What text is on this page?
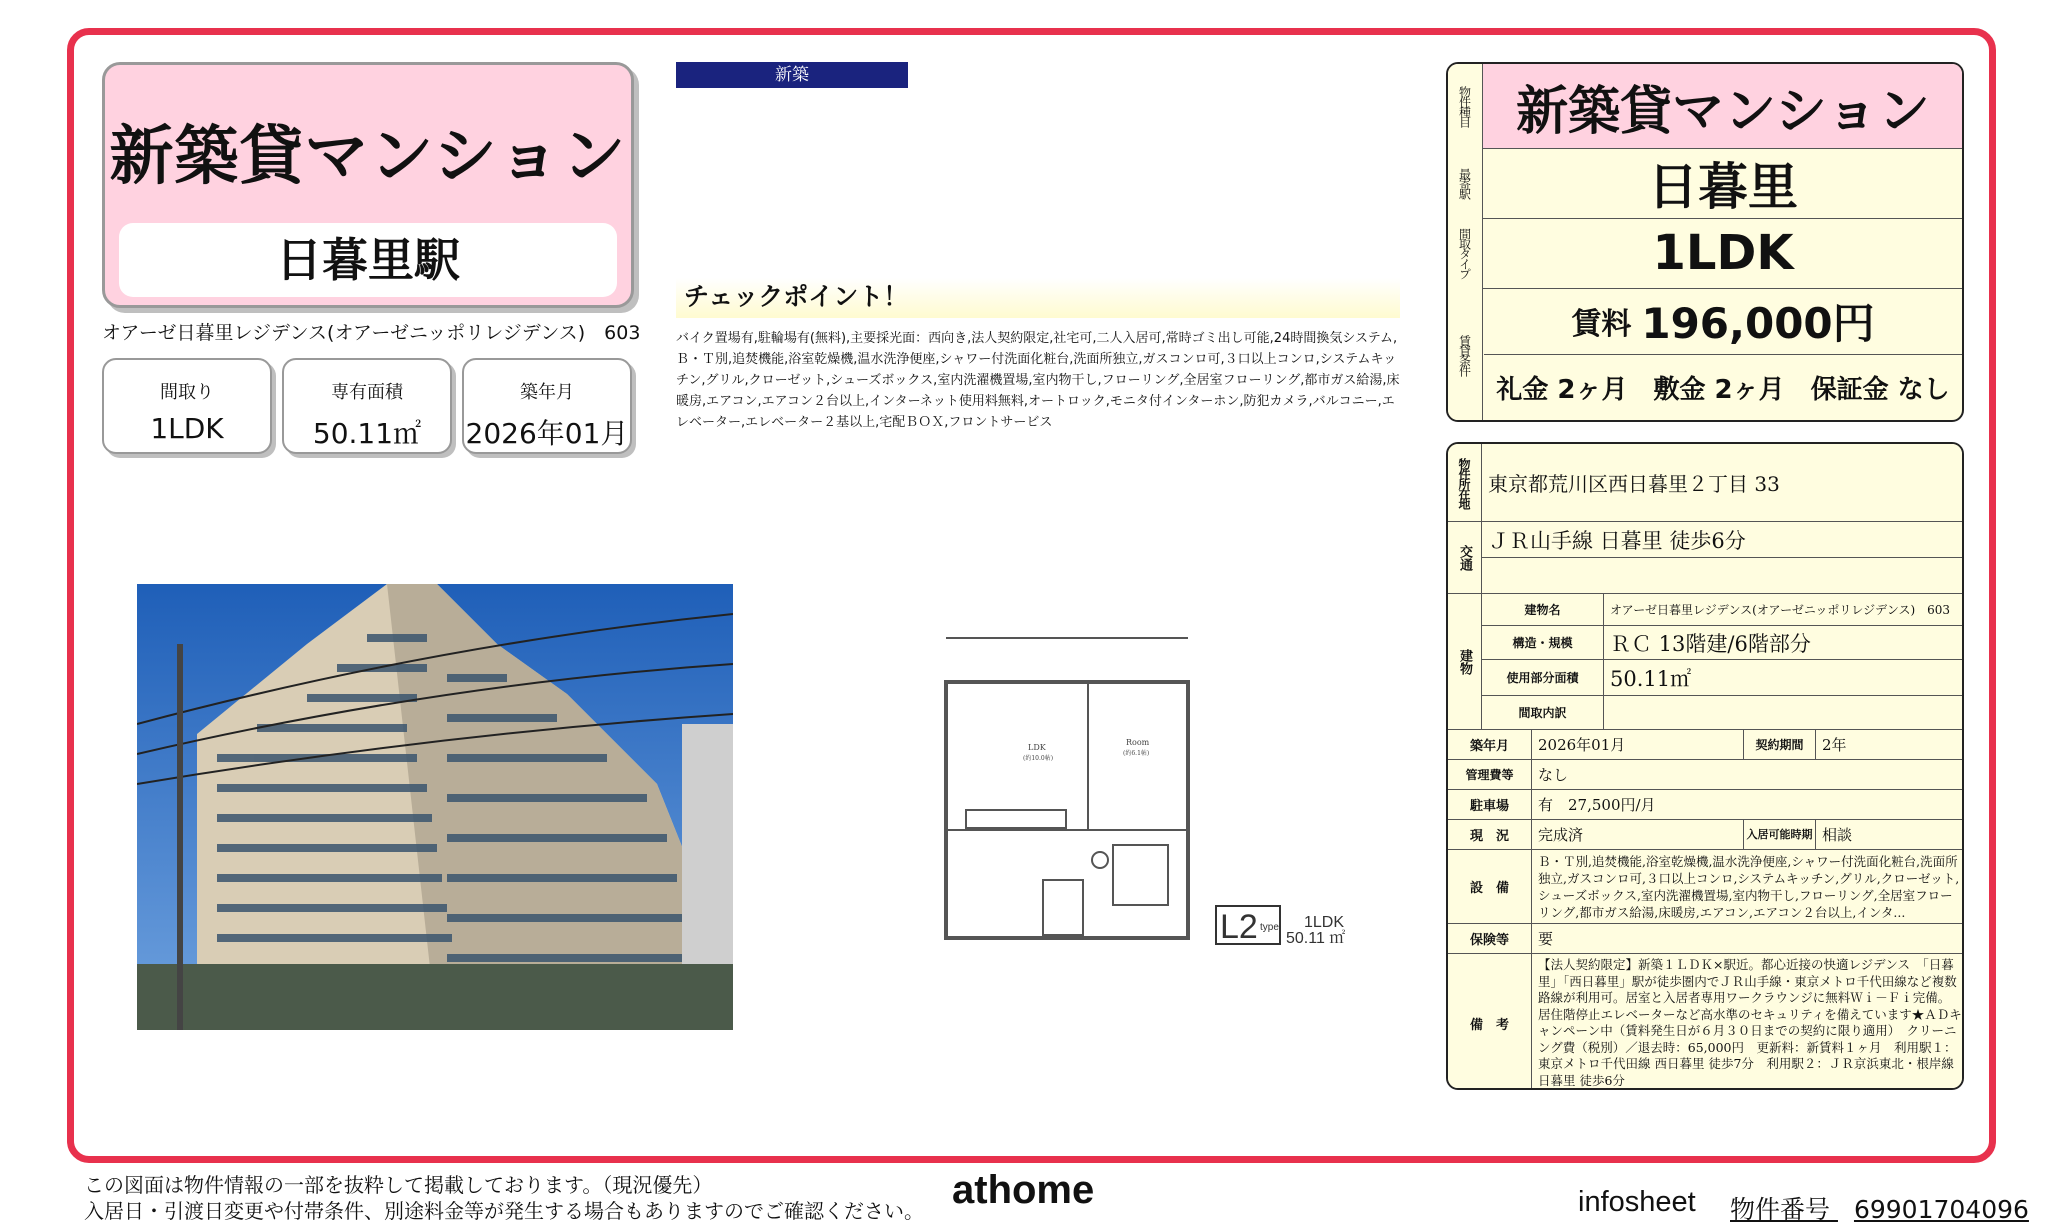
新築貸マンション
日暮里駅
オアーゼ日暮里レジデンス(オアーゼニッポリレジデンス)　603
間取り
1LDK
専有面積
50.11㎡
築年月
2026年01月
新築
チェックポイント！
バイク置場有,駐輪場有(無料),主要採光面：西向き,法人契約限定,社宅可,二人入居可,常時ゴミ出し可能,24時間換気システム,Ｂ・Ｔ別,追焚機能,浴室乾燥機,温水洗浄便座,シャワー付洗面化粧台,洗面所独立,ガスコンロ可,３口以上コンロ,システムキッチン,グリル,クローゼット,シューズボックス,室内洗濯機置場,室内物干し,フローリング,全居室フローリング,都市ガス給湯,床暖房,エアコン,エアコン２台以上,インターネット使用料無料,オートロック,モニタ付インターホン,防犯カメラ,バルコニー,エレベーター,エレベーター２基以上,宅配ＢＯＸ,フロントサービス
LDK
(約10.0帖)
Room
(約6.1帖)
L2 type 1LDK
50.11 ㎡
物件種目 新築貸マンション
最寄駅	日暮里
間取タイプ	1LDK
賃貸条件
賃料 196,000円
礼金 2ヶ月　敷金 2ヶ月　保証金 なし
物件所在地 東京都荒川区西日暮里２丁目 33
交通
ＪＲ山手線 日暮里 徒歩6分
建物
建物名	オアーゼ日暮里レジデンス(オアーゼニッポリレジデンス)　603
構造・規模	ＲＣ 13階建/6階部分
使用部分面積	50.11㎡
間取内訳
築年月	2026年01月	契約期間	2年
管理費等	なし
駐車場	有　27,500円/月
現　況	完成済	入居可能時期 相談
設　備
Ｂ・Ｔ別,追焚機能,浴室乾燥機,温水洗浄便座,シャワー付洗面化粧台,洗面所独立,ガスコンロ可,３口以上コンロ,システムキッチン,グリル,クローゼット,シューズボックス,室内洗濯機置場,室内物干し,フローリング,全居室フローリング,都市ガス給湯,床暖房,エアコン,エアコン２台以上,インタ...
保険等	要
備　考
【法人契約限定】新築１ＬＤＫ×駅近。都心近接の快適レジデンス　「日暮里」「西日暮里」駅が徒歩圏内でＪＲ山手線・東京メトロ千代田線など複数路線が利用可。居室と入居者専用ワークラウンジに無料Ｗｉ－Ｆｉ完備。居住階停止エレベーターなど高水準のセキュリティを備えています★ＡＤキャンペーン中（賃料発生日が６月３０日までの契約に限り適用）　クリーニング費（税別）／退去時：65,000円　更新料：新賃料１ヶ月　利用駅１：東京メトロ千代田線 西日暮里 徒歩7分　利用駅２：ＪＲ京浜東北・根岸線 日暮里 徒歩6分
この図面は物件情報の一部を抜粋して掲載しております。（現況優先）
入居日・引渡日変更や付帯条件、別途料金等が発生する場合もありますのでご確認ください。 athome	infosheet 物件番号 69901704096
